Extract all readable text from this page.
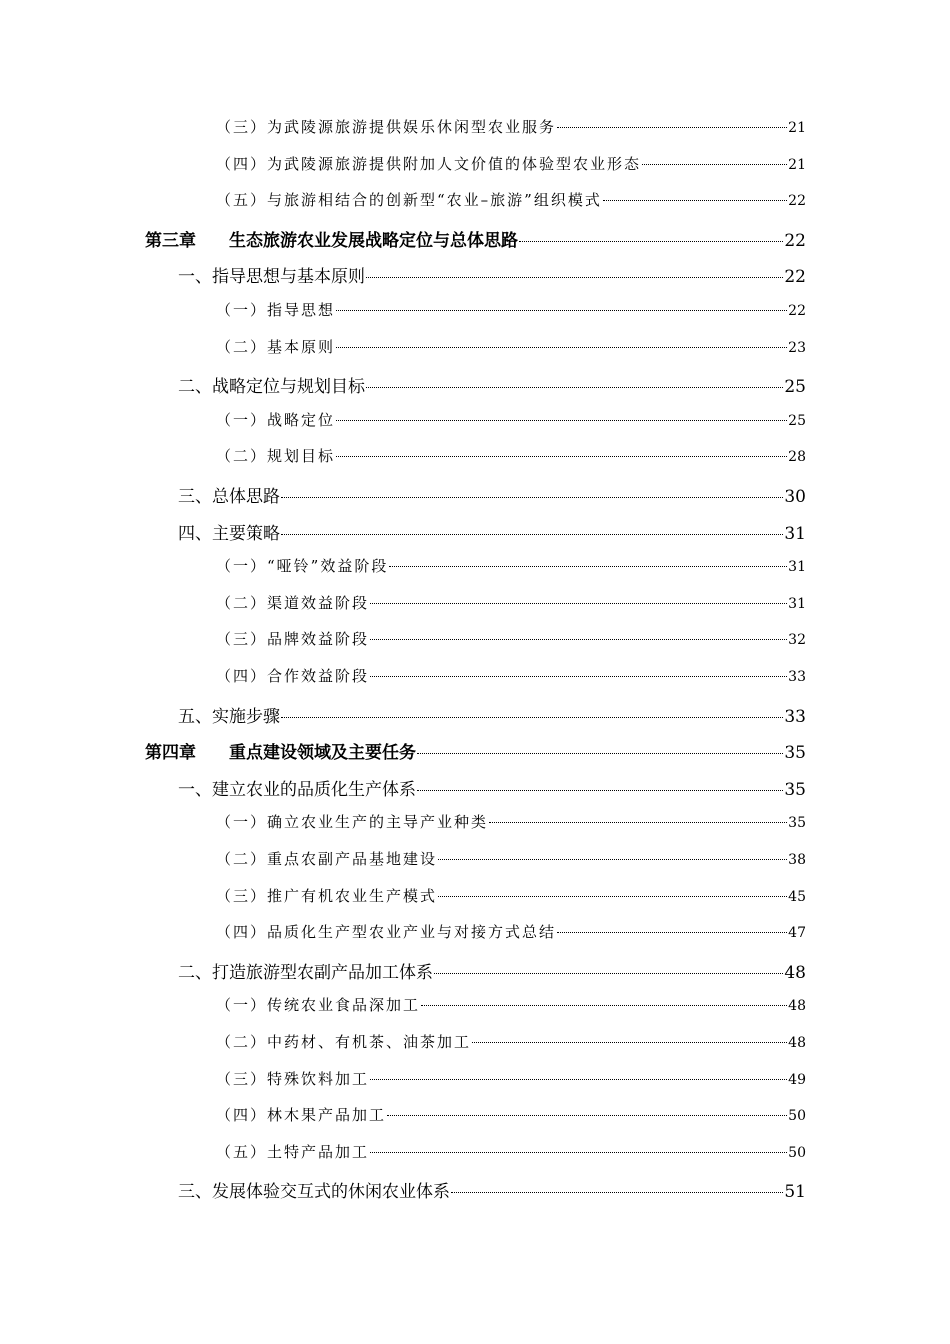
（三）为武陵源旅游提供娱乐休闲型农业服务	21
（四）为武陵源旅游提供附加人文价值的体验型农业形态	21
（五）与旅游相结合的创新型“农业–旅游”组织模式	22
第三章 生态旅游农业发展战略定位与总体思路	22
一、指导思想与基本原则	22
（一）指导思想	22
（二）基本原则	23
二、战略定位与规划目标	25
（一）战略定位	25
（二）规划目标	28
三、总体思路	30
四、主要策略	31
（一）“哑铃”效益阶段	31
（二）渠道效益阶段	31
（三）品牌效益阶段	32
（四）合作效益阶段	33
五、实施步骤	33
第四章 重点建设领域及主要任务	35
一、建立农业的品质化生产体系	35
（一）确立农业生产的主导产业种类	35
（二）重点农副产品基地建设	38
（三）推广有机农业生产模式	45
（四）品质化生产型农业产业与对接方式总结	47
二、打造旅游型农副产品加工体系	48
（一）传统农业食品深加工	48
（二）中药材、有机茶、油茶加工	48
（三）特殊饮料加工	49
（四）林木果产品加工	50
（五）土特产品加工	50
三、发展体验交互式的休闲农业体系	51
